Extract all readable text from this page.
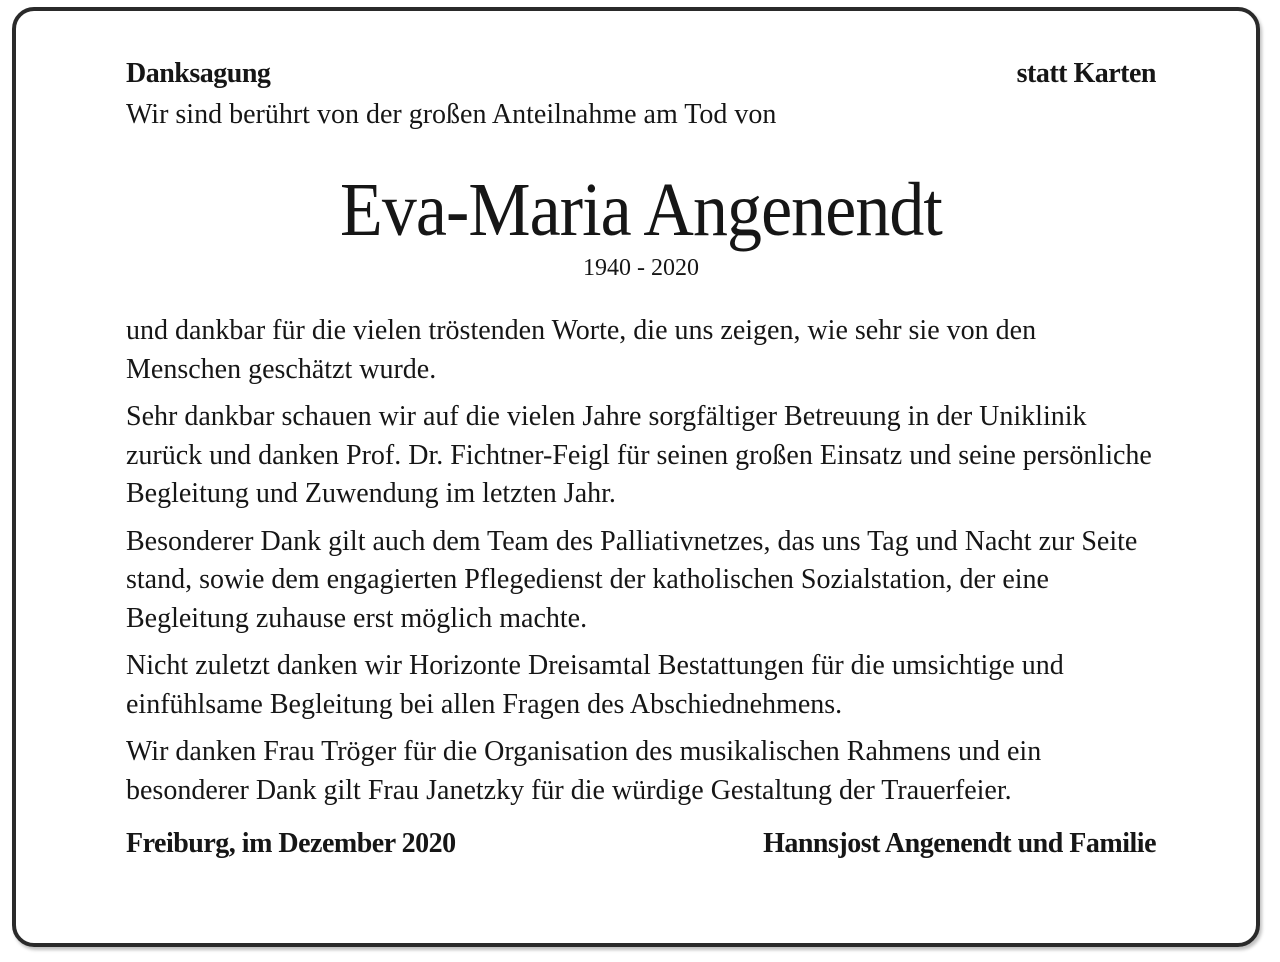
Danksagung	statt Karten
Wir sind berührt von der großen Anteilnahme am Tod von
Eva-Maria Angenendt
1940 - 2020

und dankbar für die vielen tröstenden Worte, die uns zeigen, wie sehr sie von den Menschen geschätzt wurde.

Sehr dankbar schauen wir auf die vielen Jahre sorgfältiger Betreuung in der Uniklinik zurück und danken Prof. Dr. Fichtner-Feigl für seinen großen Einsatz und seine persönliche Begleitung und Zuwendung im letzten Jahr.

Besonderer Dank gilt auch dem Team des Palliativnetzes, das uns Tag und Nacht zur Seite stand, sowie dem engagierten Pflegedienst der katholischen Sozialstation, der eine Begleitung zuhause erst möglich machte.

Nicht zuletzt danken wir Horizonte Dreisamtal Bestattungen für die umsichtige und einfühlsame Begleitung bei allen Fragen des Abschiednehmens.

Wir danken Frau Tröger für die Organisation des musikalischen Rahmens und ein besonderer Dank gilt Frau Janetzky für die würdige Gestaltung der Trauerfeier.

Freiburg, im Dezember 2020	Hannsjost Angenendt und Familie
